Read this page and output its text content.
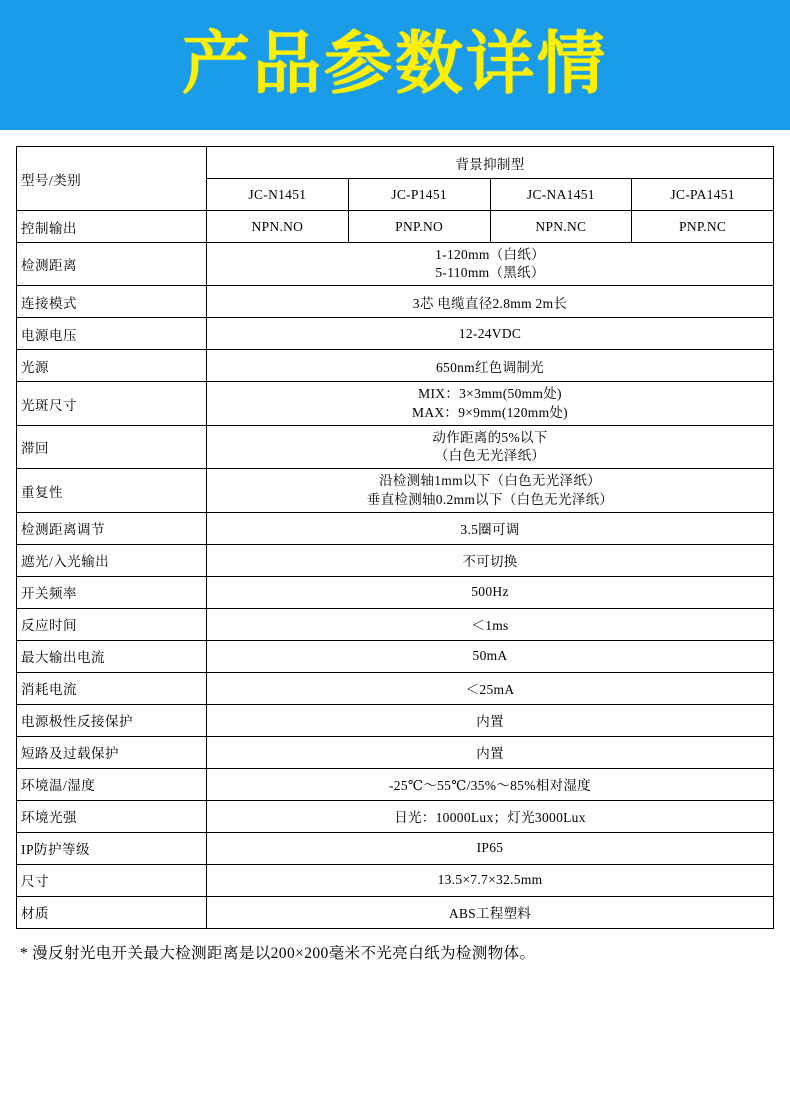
产品参数详情
型号/类别	背景抑制型			
	JC-N1451	JC-P1451	JC-NA1451	JC-PA1451
控制输出	NPN.NO	PNP.NO	NPN.NC	PNP.NC
检测距离	1-120mm（白纸）
5-110mm（黑纸）			

连接模式	3芯 电缆直径2.8mm 2m长			
电源电压	12-24VDC			
光源	650nm红色调制光			
光斑尺寸	MIX：3×3mm(50mm处)
MAX：9×9mm(120mm处)			

滞回	动作距离的5%以下
（白色无光泽纸）			

重复性	沿检测轴1mm以下（白色无光泽纸）
垂直检测轴0.2mm以下（白色无光泽纸）			

检测距离调节	3.5圈可调			
遮光/入光输出	不可切换			
开关频率	500Hz			
反应时间	＜1ms			
最大输出电流	50mA			
消耗电流	＜25mA			
电源极性反接保护	内置			
短路及过载保护	内置			
环境温/湿度	-25℃～55℃/35%～85%相对湿度			
环境光强	日光：10000Lux；灯光3000Lux			
IP防护等级	IP65			
尺寸	13.5×7.7×32.5mm			
材质	ABS工程塑料			
* 漫反射光电开关最大检测距离是以200×200毫米不光亮白纸为检测物体。
